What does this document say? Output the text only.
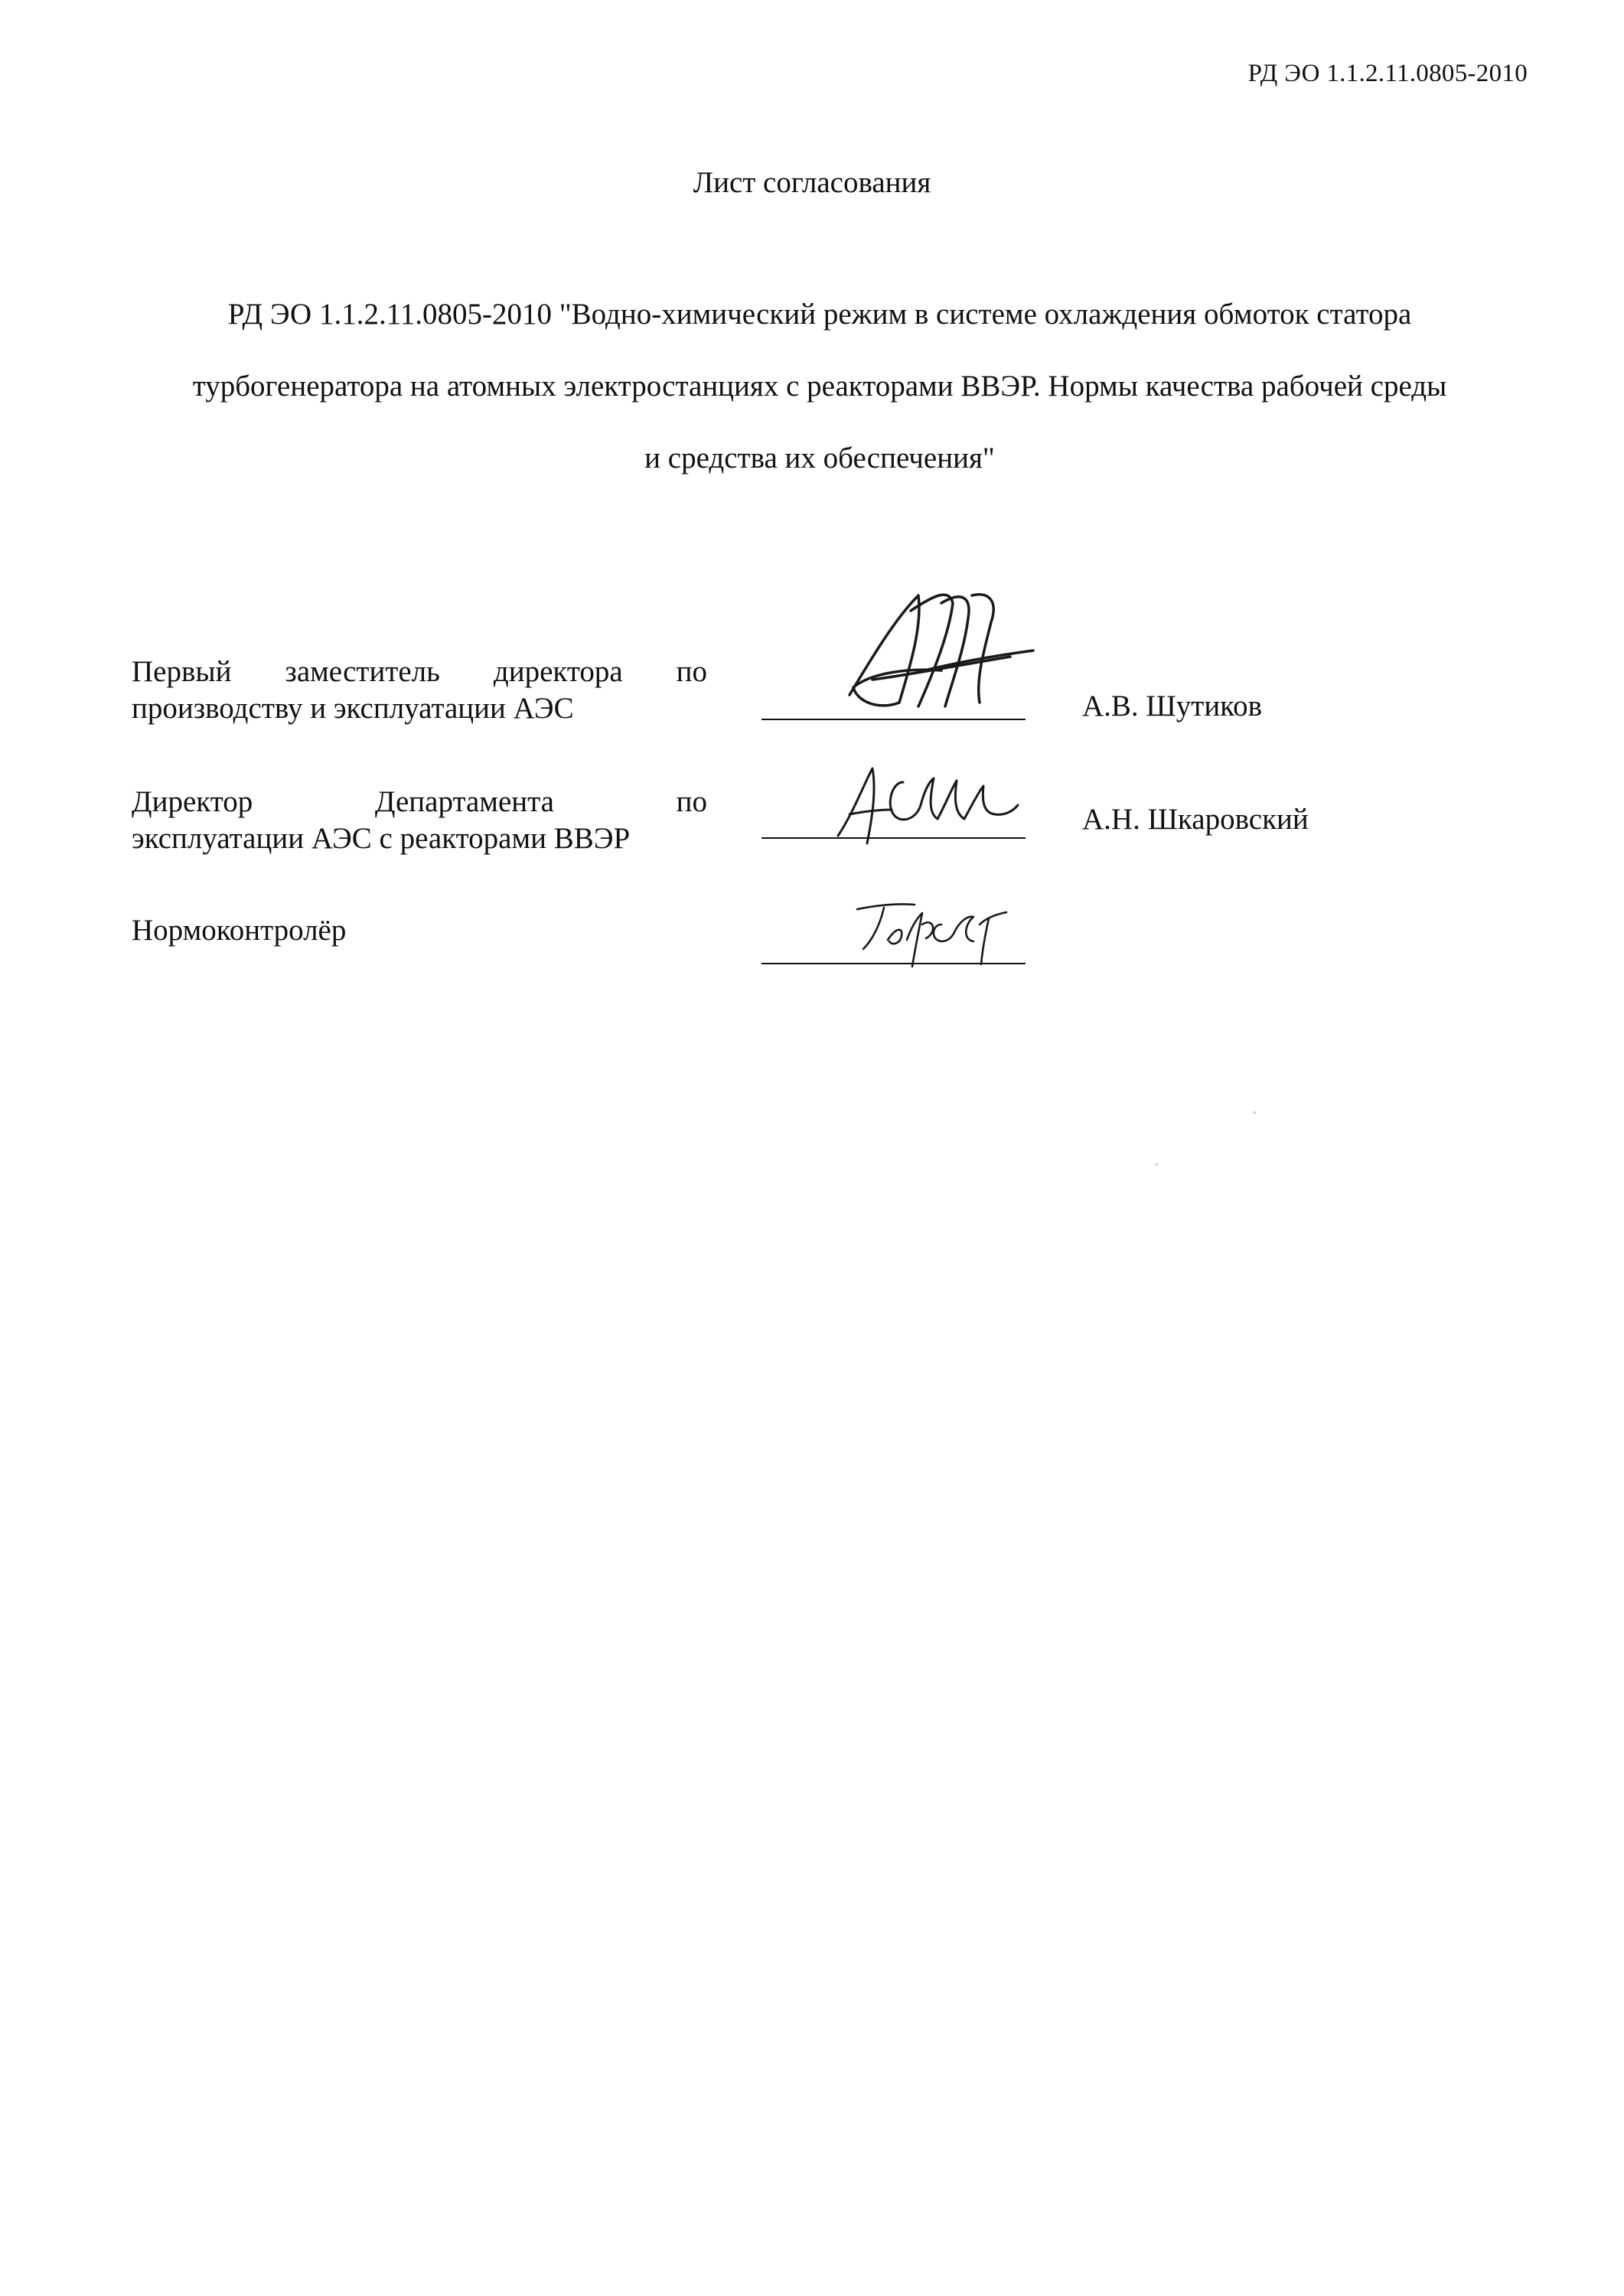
РД ЭО 1.1.2.11.0805-2010
Лист согласования
РД ЭО 1.1.2.11.0805-2010 "Водно-химический режим в системе охлаждения обмоток статора
турбогенератора на атомных электростанциях с реакторами ВВЭР. Нормы качества рабочей среды
и средства их обеспечения"
Первый заместитель директора по
производству и эксплуатации АЭС	А.В. Шутиков
Директор Департамента по
эксплуатации АЭС с реакторами ВВЭР
А.Н. Шкаровский
Нормоконтролёр
